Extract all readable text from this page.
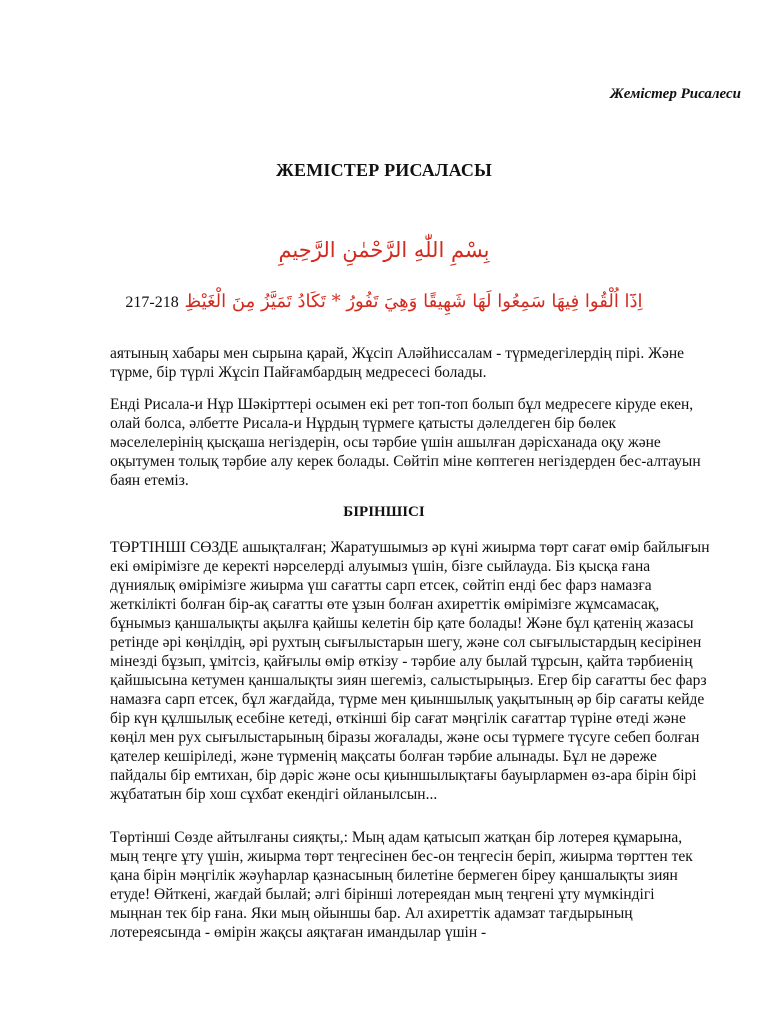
Жемістер Рисалеси
ЖЕМІСТЕР РИСАЛАСЫ
بِسْمِ اللّٰهِ الرَّحْمٰنِ الرَّحِيمِ
217-218 اِذَٓا اُلْقُوا فِيهَا سَمِعُوا لَهَا شَهِيقًا وَهِيَ تَفُورُ * تَكَادُ تَمَيَّزُ مِنَ الْغَيْظِ
аятының хабары мен сырына қарай, Жұсіп Аләйһиссалам - түрмедегілердің пірі. Және түрме, бір түрлі Жұсіп Пайғамбардың медресесі болады.
Енді Рисала-и Нұр Шәкірттері осымен екі рет топ-топ болып бұл медресеге кіруде екен, олай болса, әлбетте Рисала-и Нұрдың түрмеге қатысты дәлелдеген бір бөлек мәселелерінің қысқаша негіздерін, осы тәрбие үшін ашылған дәрісханада оқу және оқытумен толық тәрбие алу керек болады. Сөйтіп міне көптеген негіздерден бес-алтауын баян етеміз.
БІРІНШІСІ
ТӨРТІНШІ СӨЗДЕ ашықталған; Жаратушымыз әр күні жиырма төрт сағат өмір байлығын екі өмірімізге де керекті нәрселерді алуымыз үшін, бізге сыйлауда. Біз қысқа ғана дүниялық өмірімізге жиырма үш сағатты сарп етсек, сөйтіп енді бес фарз намазға жеткілікті болған бір-ақ сағатты өте ұзын болған ахиреттік өмірімізге жұмсамасақ, бұнымыз қаншалықты ақылға қайшы келетін бір қате болады! Және бұл қатенің жазасы ретінде әрі көңілдің, әрі рухтың сығылыстарын шегу, және сол сығылыстардың кесірінен мінезді бұзып, ұмітсіз, қайғылы өмір өткізу - тәрбие алу былай тұрсын, қайта тәрбиенің қайшысына кетумен қаншалықты зиян шегеміз, салыстырыңыз. Егер бір сағатты бес фарз намазға сарп етсек, бұл жағдайда, түрме мен қиыншылық уақытының әр бір сағаты кейде бір күн құлшылық есебіне кетеді, өткінші бір сағат мәңгілік сағаттар түріне өтеді және көңіл мен рух сығылыстарының біразы жоғалады, және осы түрмеге түсуге себеп болған қателер кешіріледі, және түрменің мақсаты болған тәрбие алынады. Бұл не дәреже пайдалы бір емтихан, бір дәріс және осы қиыншылықтағы бауырлармен өз-ара бірін бірі жұбататын бір хош сұхбат екендігі ойланылсын...
Төртінші Сөзде айтылғаны сияқты,: Мың адам қатысып жатқан бір лотерея құмарына, мың теңге ұту үшін, жиырма төрт теңгесінен бес-он теңгесін беріп, жиырма төрттен тек қана бірін мәңгілік жәуһарлар қазнасының билетіне бермеген біреу қаншалықты зиян етуде! Өйткені, жағдай былай; әлгі бірінші лотереядан мың теңгені ұту мүмкіндігі мыңнан тек бір ғана. Яки мың ойыншы бар. Ал ахиреттік адамзат тағдырының лотереясында - өмірін жақсы аяқтаған имандылар үшін -
